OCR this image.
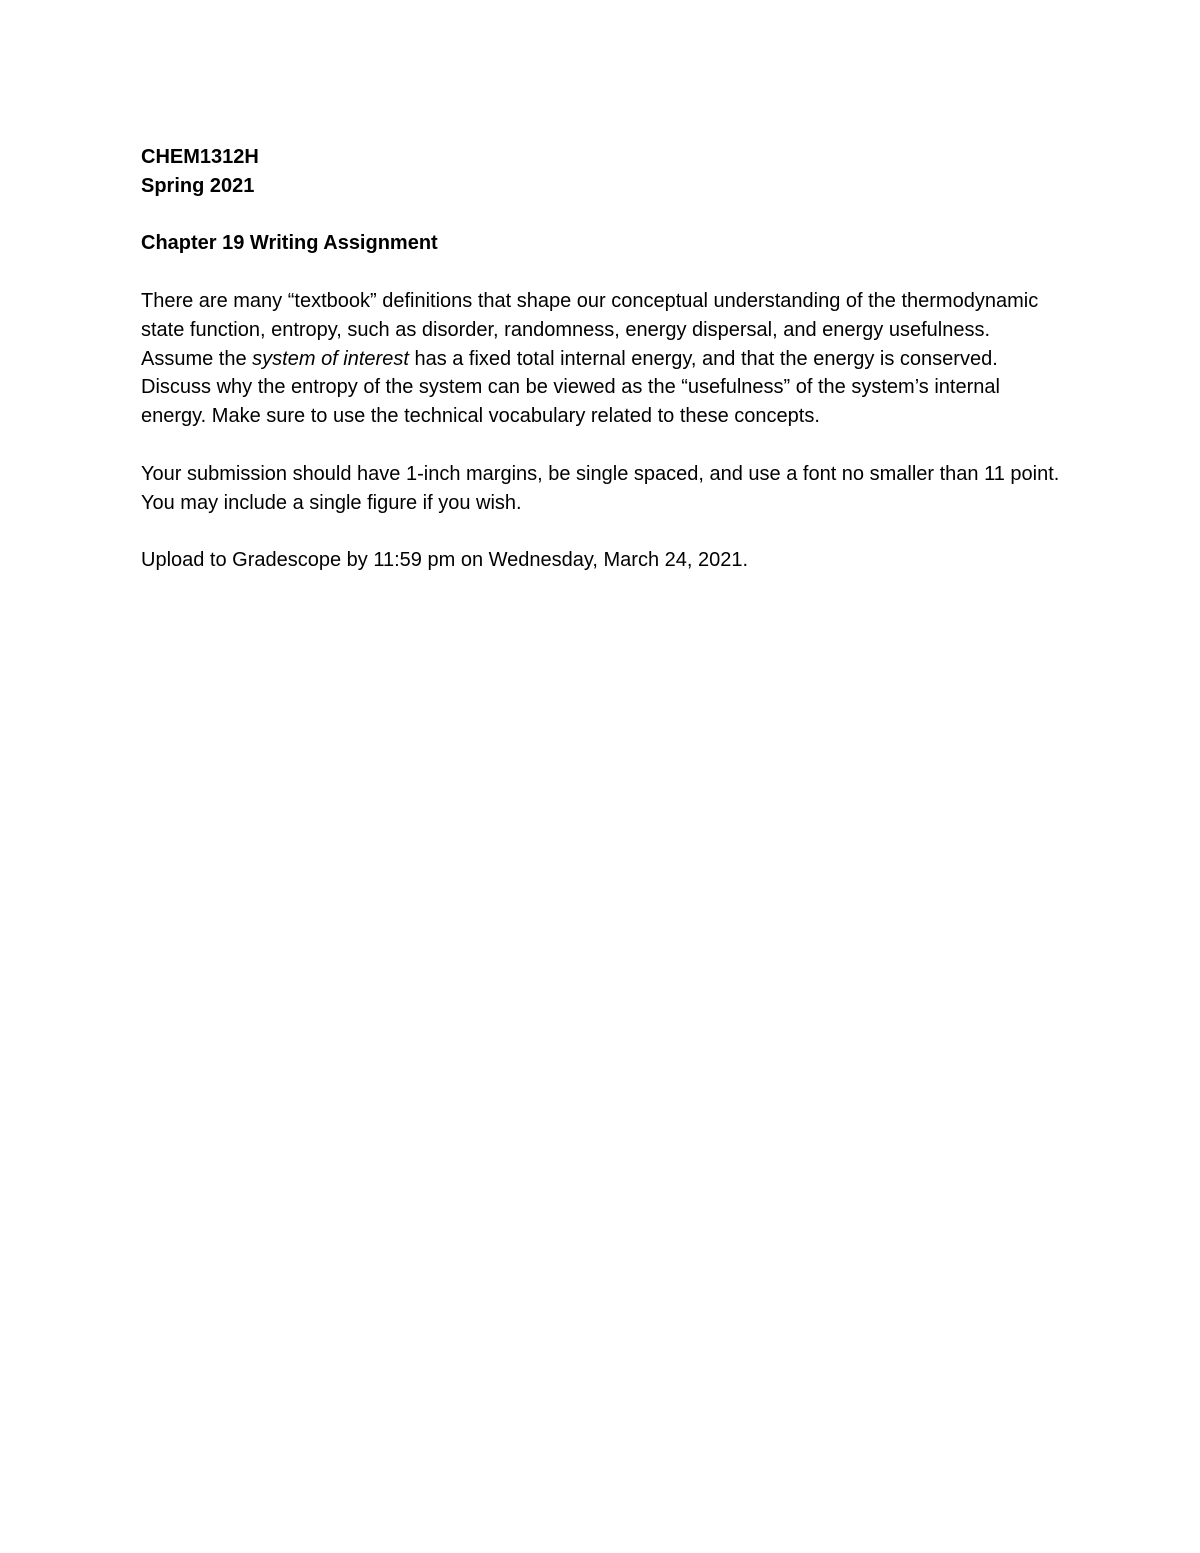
CHEM1312H
Spring 2021
Chapter 19 Writing Assignment

There are many “textbook” definitions that shape our conceptual understanding of the thermodynamic state function, entropy, such as disorder, randomness, energy dispersal, and energy usefulness. Assume the system of interest has a fixed total internal energy, and that the energy is conserved. Discuss why the entropy of the system can be viewed as the “usefulness” of the system’s internal energy. Make sure to use the technical vocabulary related to these concepts.

Your submission should have 1-inch margins, be single spaced, and use a font no smaller than 11 point. You may include a single figure if you wish.

Upload to Gradescope by 11:59 pm on Wednesday, March 24, 2021.
